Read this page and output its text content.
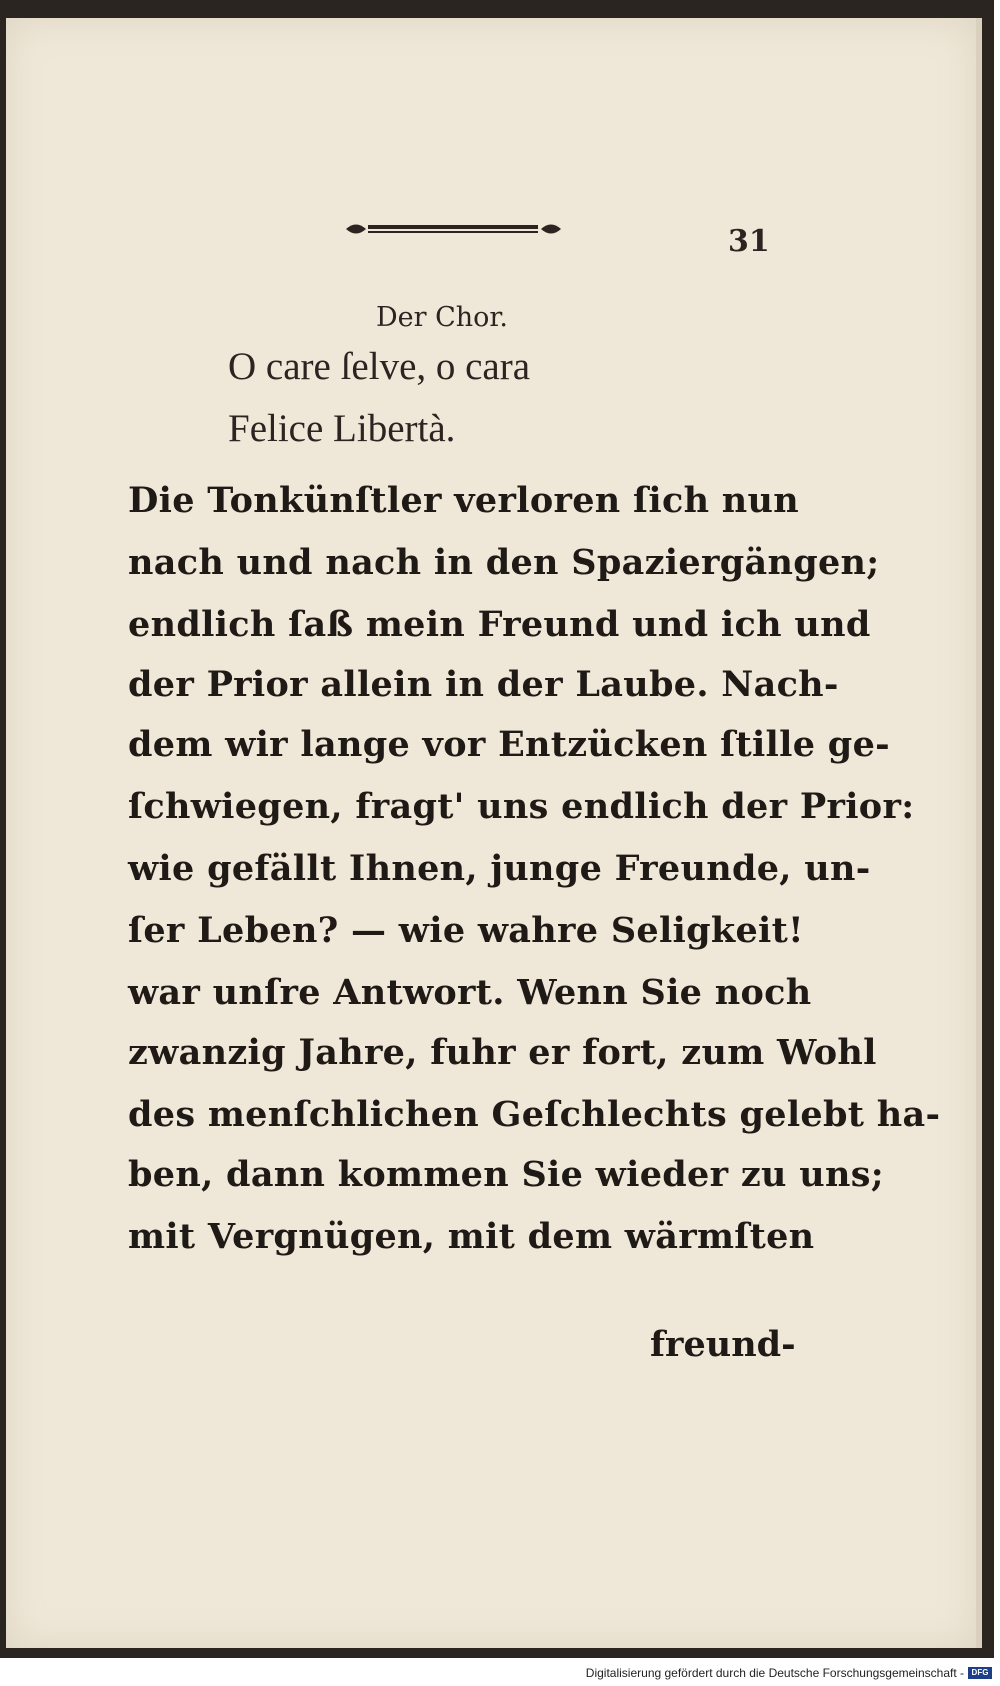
31
Der Chor.
O care ſelve, o cara
Felice Libertà.
Die Tonkünſtler verloren ſich nun
nach und nach in den Spaziergängen;
endlich ſaß mein Freund und ich und
der Prior allein in der Laube. Nach-
dem wir lange vor Entzücken ſtille ge-
ſchwiegen, fragt' uns endlich der Prior:
wie gefällt Ihnen, junge Freunde, un-
ſer Leben? — wie wahre Seligkeit!
war unſre Antwort. Wenn Sie noch
zwanzig Jahre, fuhr er fort, zum Wohl
des menſchlichen Geſchlechts gelebt ha-
ben, dann kommen Sie wieder zu uns;
mit Vergnügen, mit dem wärmſten
freund-
Digitalisierung gefördert durch die Deutsche Forschungsgemeinschaft - DFG
